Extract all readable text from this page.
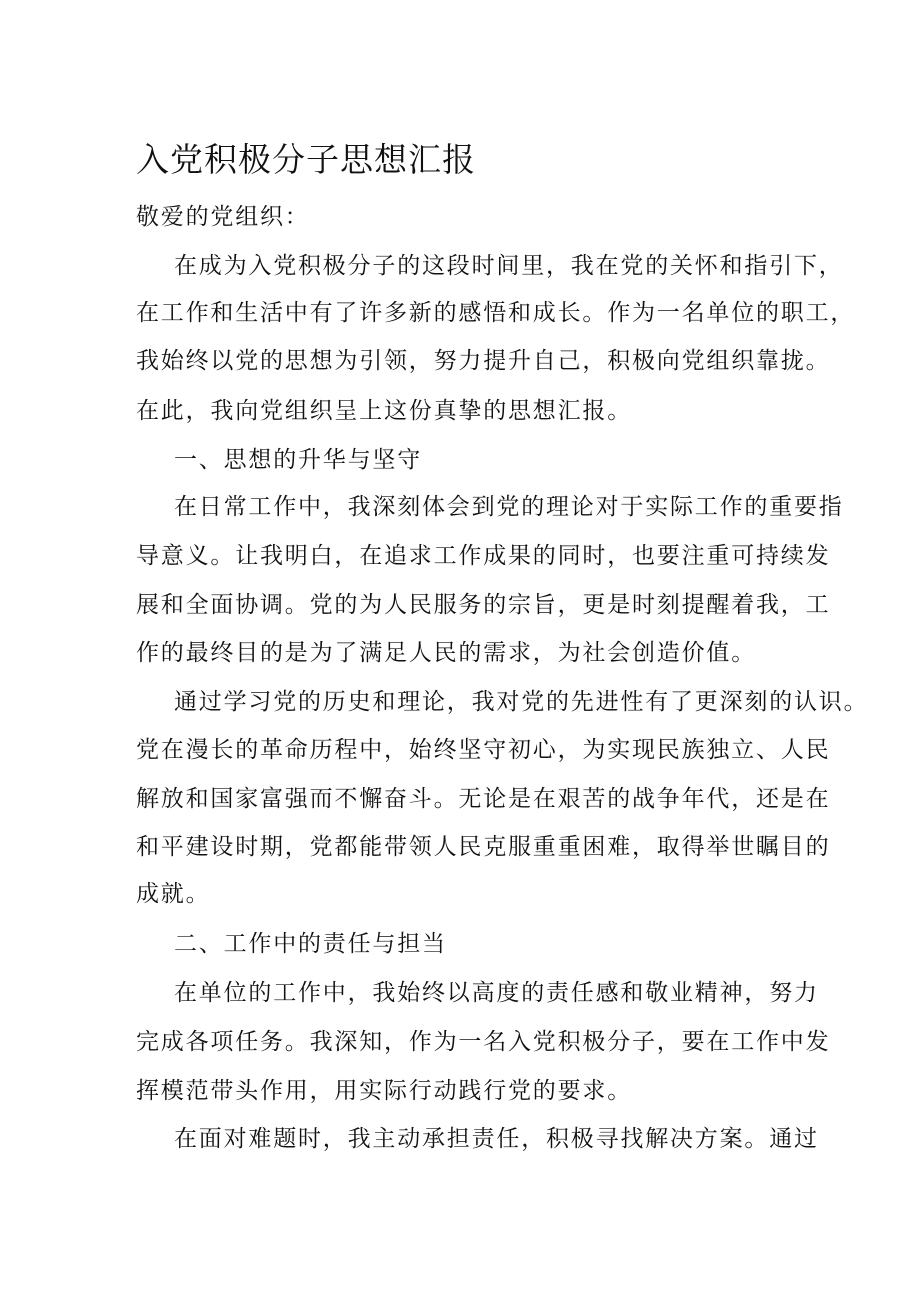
入党积极分子思想汇报

敬爱的党组织：

在成为入党积极分子的这段时间里，我在党的关怀和指引下，

在工作和生活中有了许多新的感悟和成长。作为一名单位的职工，

我始终以党的思想为引领，努力提升自己，积极向党组织靠拢。

在此，我向党组织呈上这份真挚的思想汇报。

一、思想的升华与坚守

在日常工作中，我深刻体会到党的理论对于实际工作的重要指

导意义。让我明白，在追求工作成果的同时，也要注重可持续发

展和全面协调。党的为人民服务的宗旨，更是时刻提醒着我，工

作的最终目的是为了满足人民的需求，为社会创造价值。

通过学习党的历史和理论，我对党的先进性有了更深刻的认识。

党在漫长的革命历程中，始终坚守初心，为实现民族独立、人民

解放和国家富强而不懈奋斗。无论是在艰苦的战争年代，还是在

和平建设时期，党都能带领人民克服重重困难，取得举世瞩目的

成就。

二、工作中的责任与担当

在单位的工作中，我始终以高度的责任感和敬业精神，努力

完成各项任务。我深知，作为一名入党积极分子，要在工作中发

挥模范带头作用，用实际行动践行党的要求。

在面对难题时，我主动承担责任，积极寻找解决方案。通过
